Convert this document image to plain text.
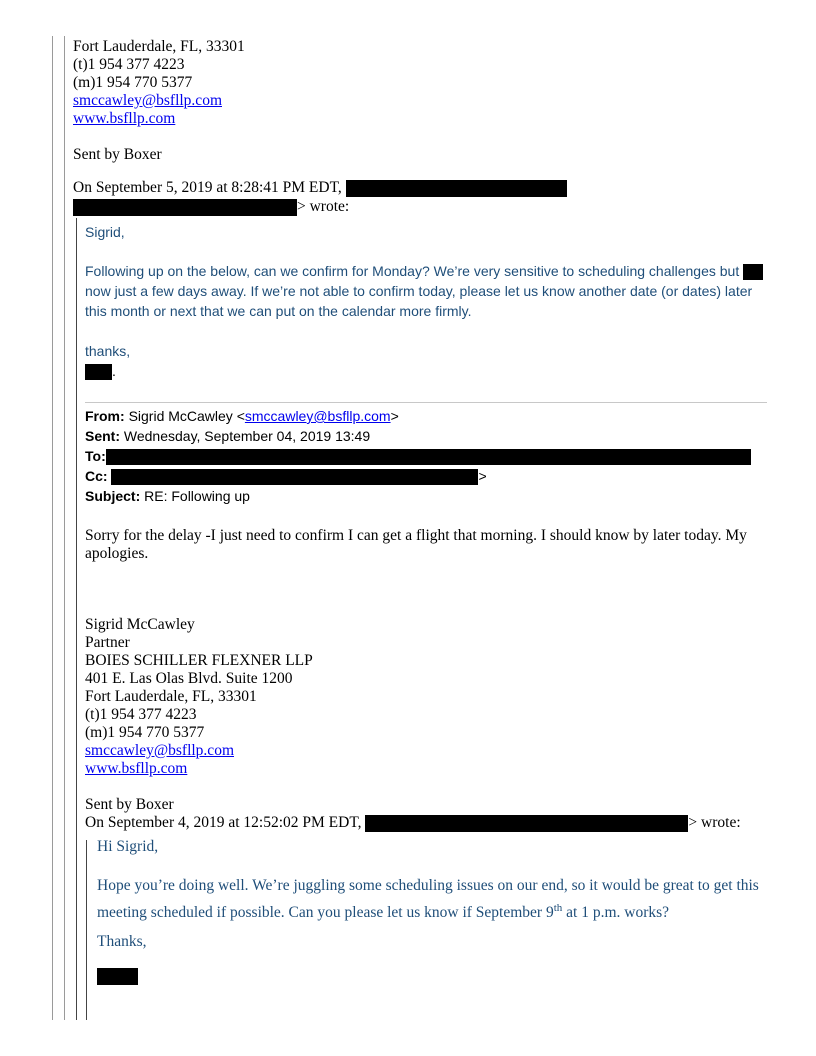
Fort Lauderdale, FL, 33301
(t)1 954 377 4223
(m)1 954 770 5377
smccawley@bsfllp.com
www.bsfllp.com
Sent by Boxer
On September 5, 2019 at 8:28:41 PM EDT,
> wrote:
Sigrid,
Following up on the below, can we confirm for Monday? We’re very sensitive to scheduling challenges but  now just a few days away. If we’re not able to confirm today, please let us know another date (or dates) later this month or next that we can put on the calendar more firmly.
thanks,
.
From: Sigrid McCawley <smccawley@bsfllp.com>
Sent: Wednesday, September 04, 2019 13:49
To:
Cc:	>
Subject: RE: Following up
Sorry for the delay -I just need to confirm I can get a flight that morning. I should know by later today. My apologies.
Sigrid McCawley
Partner
BOIES SCHILLER FLEXNER LLP
401 E. Las Olas Blvd. Suite 1200
Fort Lauderdale, FL, 33301
(t)1 954 377 4223
(m)1 954 770 5377
smccawley@bsfllp.com
www.bsfllp.com
Sent by Boxer
On September 4, 2019 at 12:52:02 PM EDT,	> wrote:
Hi Sigrid,
Hope you’re doing well. We’re juggling some scheduling issues on our end, so it would be great to get this meeting scheduled if possible. Can you please let us know if September 9th at 1 p.m. works?
Thanks,
